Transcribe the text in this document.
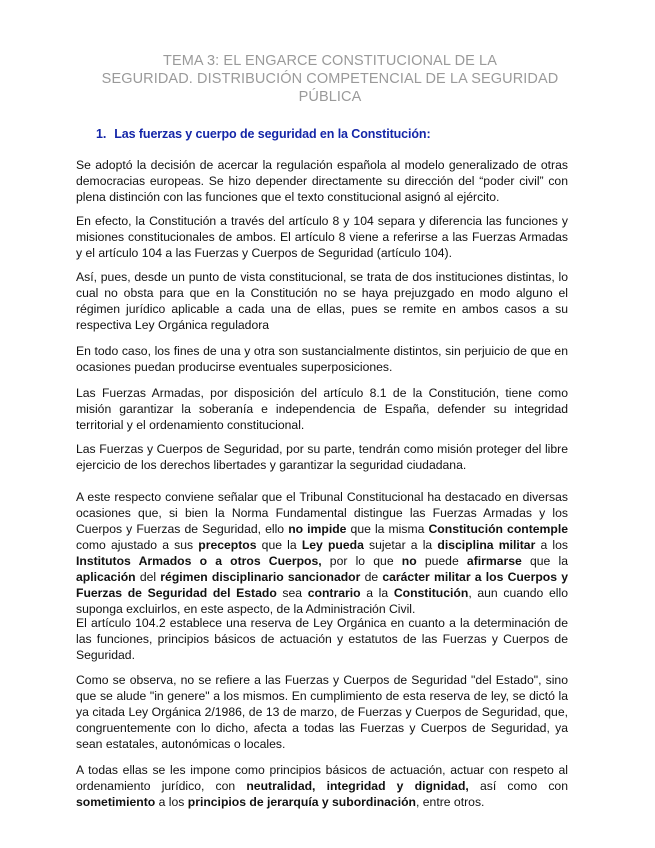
TEMA 3: EL ENGARCE CONSTITUCIONAL DE LA
SEGURIDAD. DISTRIBUCIÓN COMPETENCIAL DE LA SEGURIDAD
PÚBLICA
1. Las fuerzas y cuerpo de seguridad en la Constitución:

Se adoptó la decisión de acercar la regulación española al modelo generalizado de otras democracias europeas. Se hizo depender directamente su dirección del “poder civil” con plena distinción con las funciones que el texto constitucional asignó al ejército.

En efecto, la Constitución a través del artículo 8 y 104 separa y diferencia las funciones y misiones constitucionales de ambos. El artículo 8 viene a referirse a las Fuerzas Armadas y el artículo 104 a las Fuerzas y Cuerpos de Seguridad (artículo 104).

Así, pues, desde un punto de vista constitucional, se trata de dos instituciones distintas, lo cual no obsta para que en la Constitución no se haya prejuzgado en modo alguno el régimen jurídico aplicable a cada una de ellas, pues se remite en ambos casos a su respectiva Ley Orgánica reguladora

En todo caso, los fines de una y otra son sustancialmente distintos, sin perjuicio de que en ocasiones puedan producirse eventuales superposiciones.

Las Fuerzas Armadas, por disposición del artículo 8.1 de la Constitución, tiene como misión garantizar la soberanía e independencia de España, defender su integridad territorial y el ordenamiento constitucional.

Las Fuerzas y Cuerpos de Seguridad, por su parte, tendrán como misión proteger del libre ejercicio de los derechos libertades y garantizar la seguridad ciudadana.

A este respecto conviene señalar que el Tribunal Constitucional ha destacado en diversas ocasiones que, si bien la Norma Fundamental distingue las Fuerzas Armadas y los Cuerpos y Fuerzas de Seguridad, ello no impide que la misma Constitución contemple como ajustado a sus preceptos que la Ley pueda sujetar a la disciplina militar a los Institutos Armados o a otros Cuerpos, por lo que no puede afirmarse que la aplicación del régimen disciplinario sancionador de carácter militar a los Cuerpos y Fuerzas de Seguridad del Estado sea contrario a la Constitución, aun cuando ello suponga excluirlos, en este aspecto, de la Administración Civil.

El artículo 104.2 establece una reserva de Ley Orgánica en cuanto a la determinación de las funciones, principios básicos de actuación y estatutos de las Fuerzas y Cuerpos de Seguridad.

Como se observa, no se refiere a las Fuerzas y Cuerpos de Seguridad "del Estado", sino que se alude "in genere" a los mismos. En cumplimiento de esta reserva de ley, se dictó la ya citada Ley Orgánica 2/1986, de 13 de marzo, de Fuerzas y Cuerpos de Seguridad, que, congruentemente con lo dicho, afecta a todas las Fuerzas y Cuerpos de Seguridad, ya sean estatales, autonómicas o locales.

A todas ellas se les impone como principios básicos de actuación, actuar con respeto al ordenamiento jurídico, con neutralidad, integridad y dignidad, así como con sometimiento a los principios de jerarquía y subordinación, entre otros.
